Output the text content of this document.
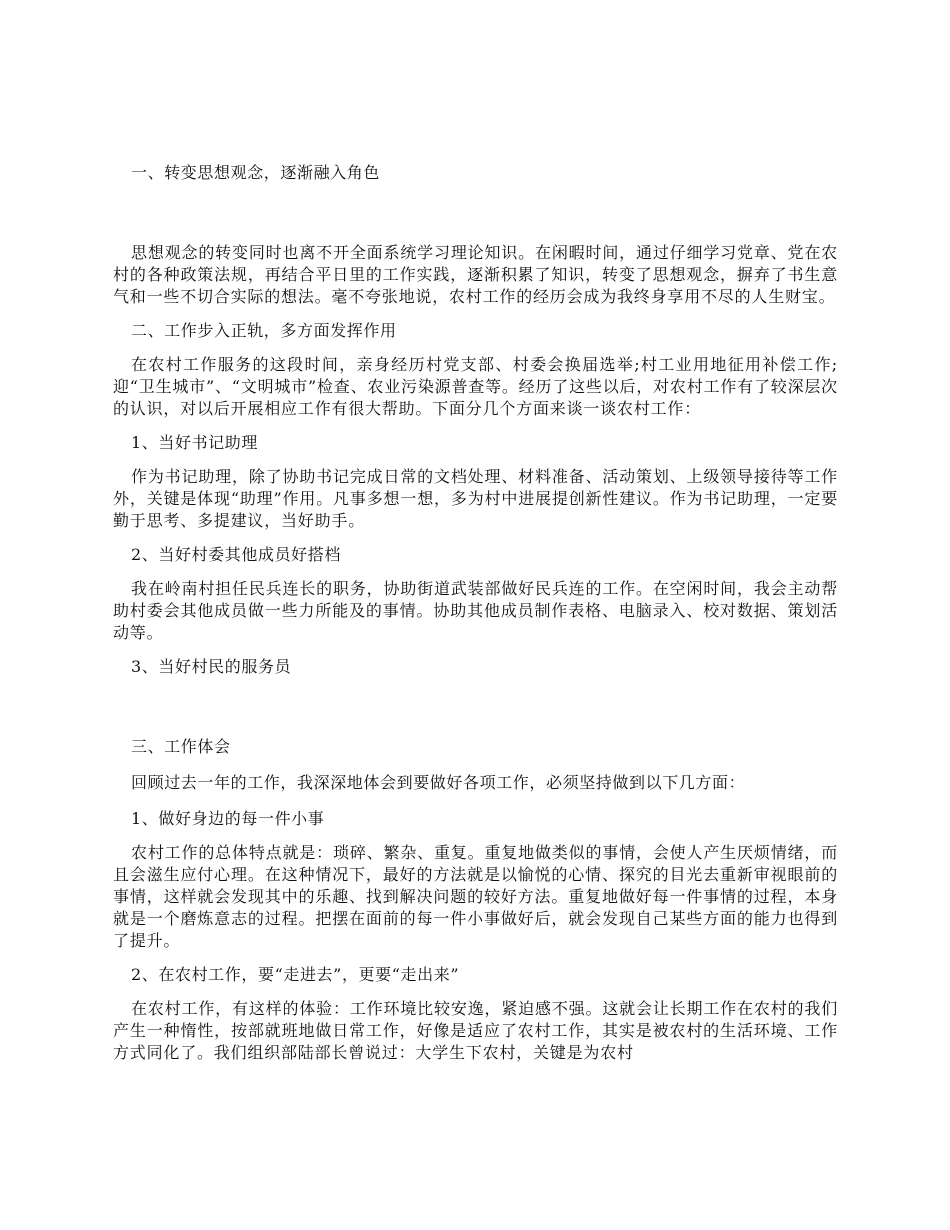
一、转变思想观念，逐渐融入角色

思想观念的转变同时也离不开全面系统学习理论知识。在闲暇时间，通过仔细学习党章、党在农村的各种政策法规，再结合平日里的工作实践，逐渐积累了知识，转变了思想观念，摒弃了书生意气和一些不切合实际的想法。毫不夸张地说，农村工作的经历会成为我终身享用不尽的人生财宝。

二、工作步入正轨，多方面发挥作用

在农村工作服务的这段时间，亲身经历村党支部、村委会换届选举;村工业用地征用补偿工作;迎“卫生城市”、“文明城市”检查、农业污染源普查等。经历了这些以后，对农村工作有了较深层次的认识，对以后开展相应工作有很大帮助。下面分几个方面来谈一谈农村工作：

1、当好书记助理

作为书记助理，除了协助书记完成日常的文档处理、材料准备、活动策划、上级领导接待等工作外，关键是体现“助理”作用。凡事多想一想，多为村中进展提创新性建议。作为书记助理，一定要勤于思考、多提建议，当好助手。

2、当好村委其他成员好搭档

我在岭南村担任民兵连长的职务，协助街道武装部做好民兵连的工作。在空闲时间，我会主动帮助村委会其他成员做一些力所能及的事情。协助其他成员制作表格、电脑录入、校对数据、策划活动等。

3、当好村民的服务员

三、工作体会

回顾过去一年的工作，我深深地体会到要做好各项工作，必须坚持做到以下几方面：

1、做好身边的每一件小事

农村工作的总体特点就是：琐碎、繁杂、重复。重复地做类似的事情，会使人产生厌烦情绪，而且会滋生应付心理。在这种情况下，最好的方法就是以愉悦的心情、探究的目光去重新审视眼前的事情，这样就会发现其中的乐趣、找到解决问题的较好方法。重复地做好每一件事情的过程，本身就是一个磨炼意志的过程。把摆在面前的每一件小事做好后，就会发现自己某些方面的能力也得到了提升。

2、在农村工作，要“走进去”，更要“走出来”

在农村工作，有这样的体验：工作环境比较安逸，紧迫感不强。这就会让长期工作在农村的我们产生一种惰性，按部就班地做日常工作，好像是适应了农村工作，其实是被农村的生活环境、工作方式同化了。我们组织部陆部长曾说过：大学生下农村，关键是为农村
